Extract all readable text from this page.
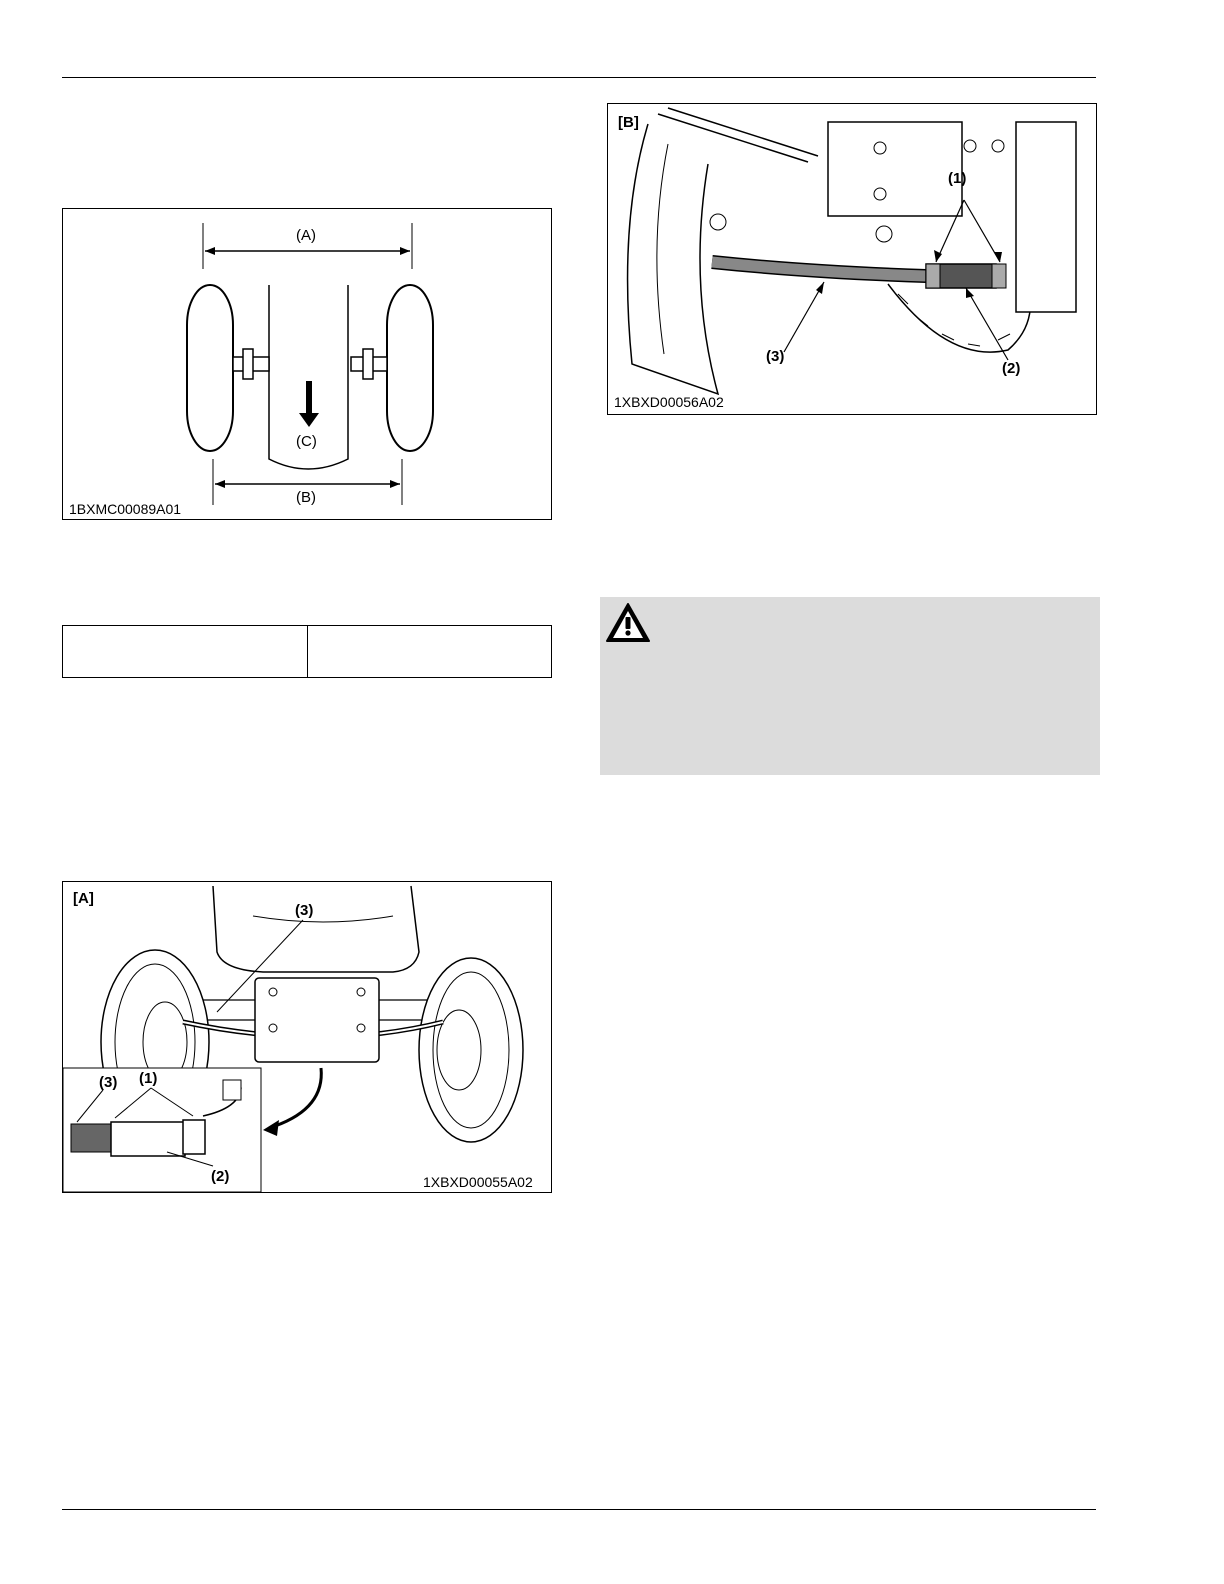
(A)
(C)
(B)
1BXMC00089A01
[A]
(3)
(3) (1)
(2)	1XBXD00055A02
[B]
(1)
(3)
(2)
1XBXD00056A02
